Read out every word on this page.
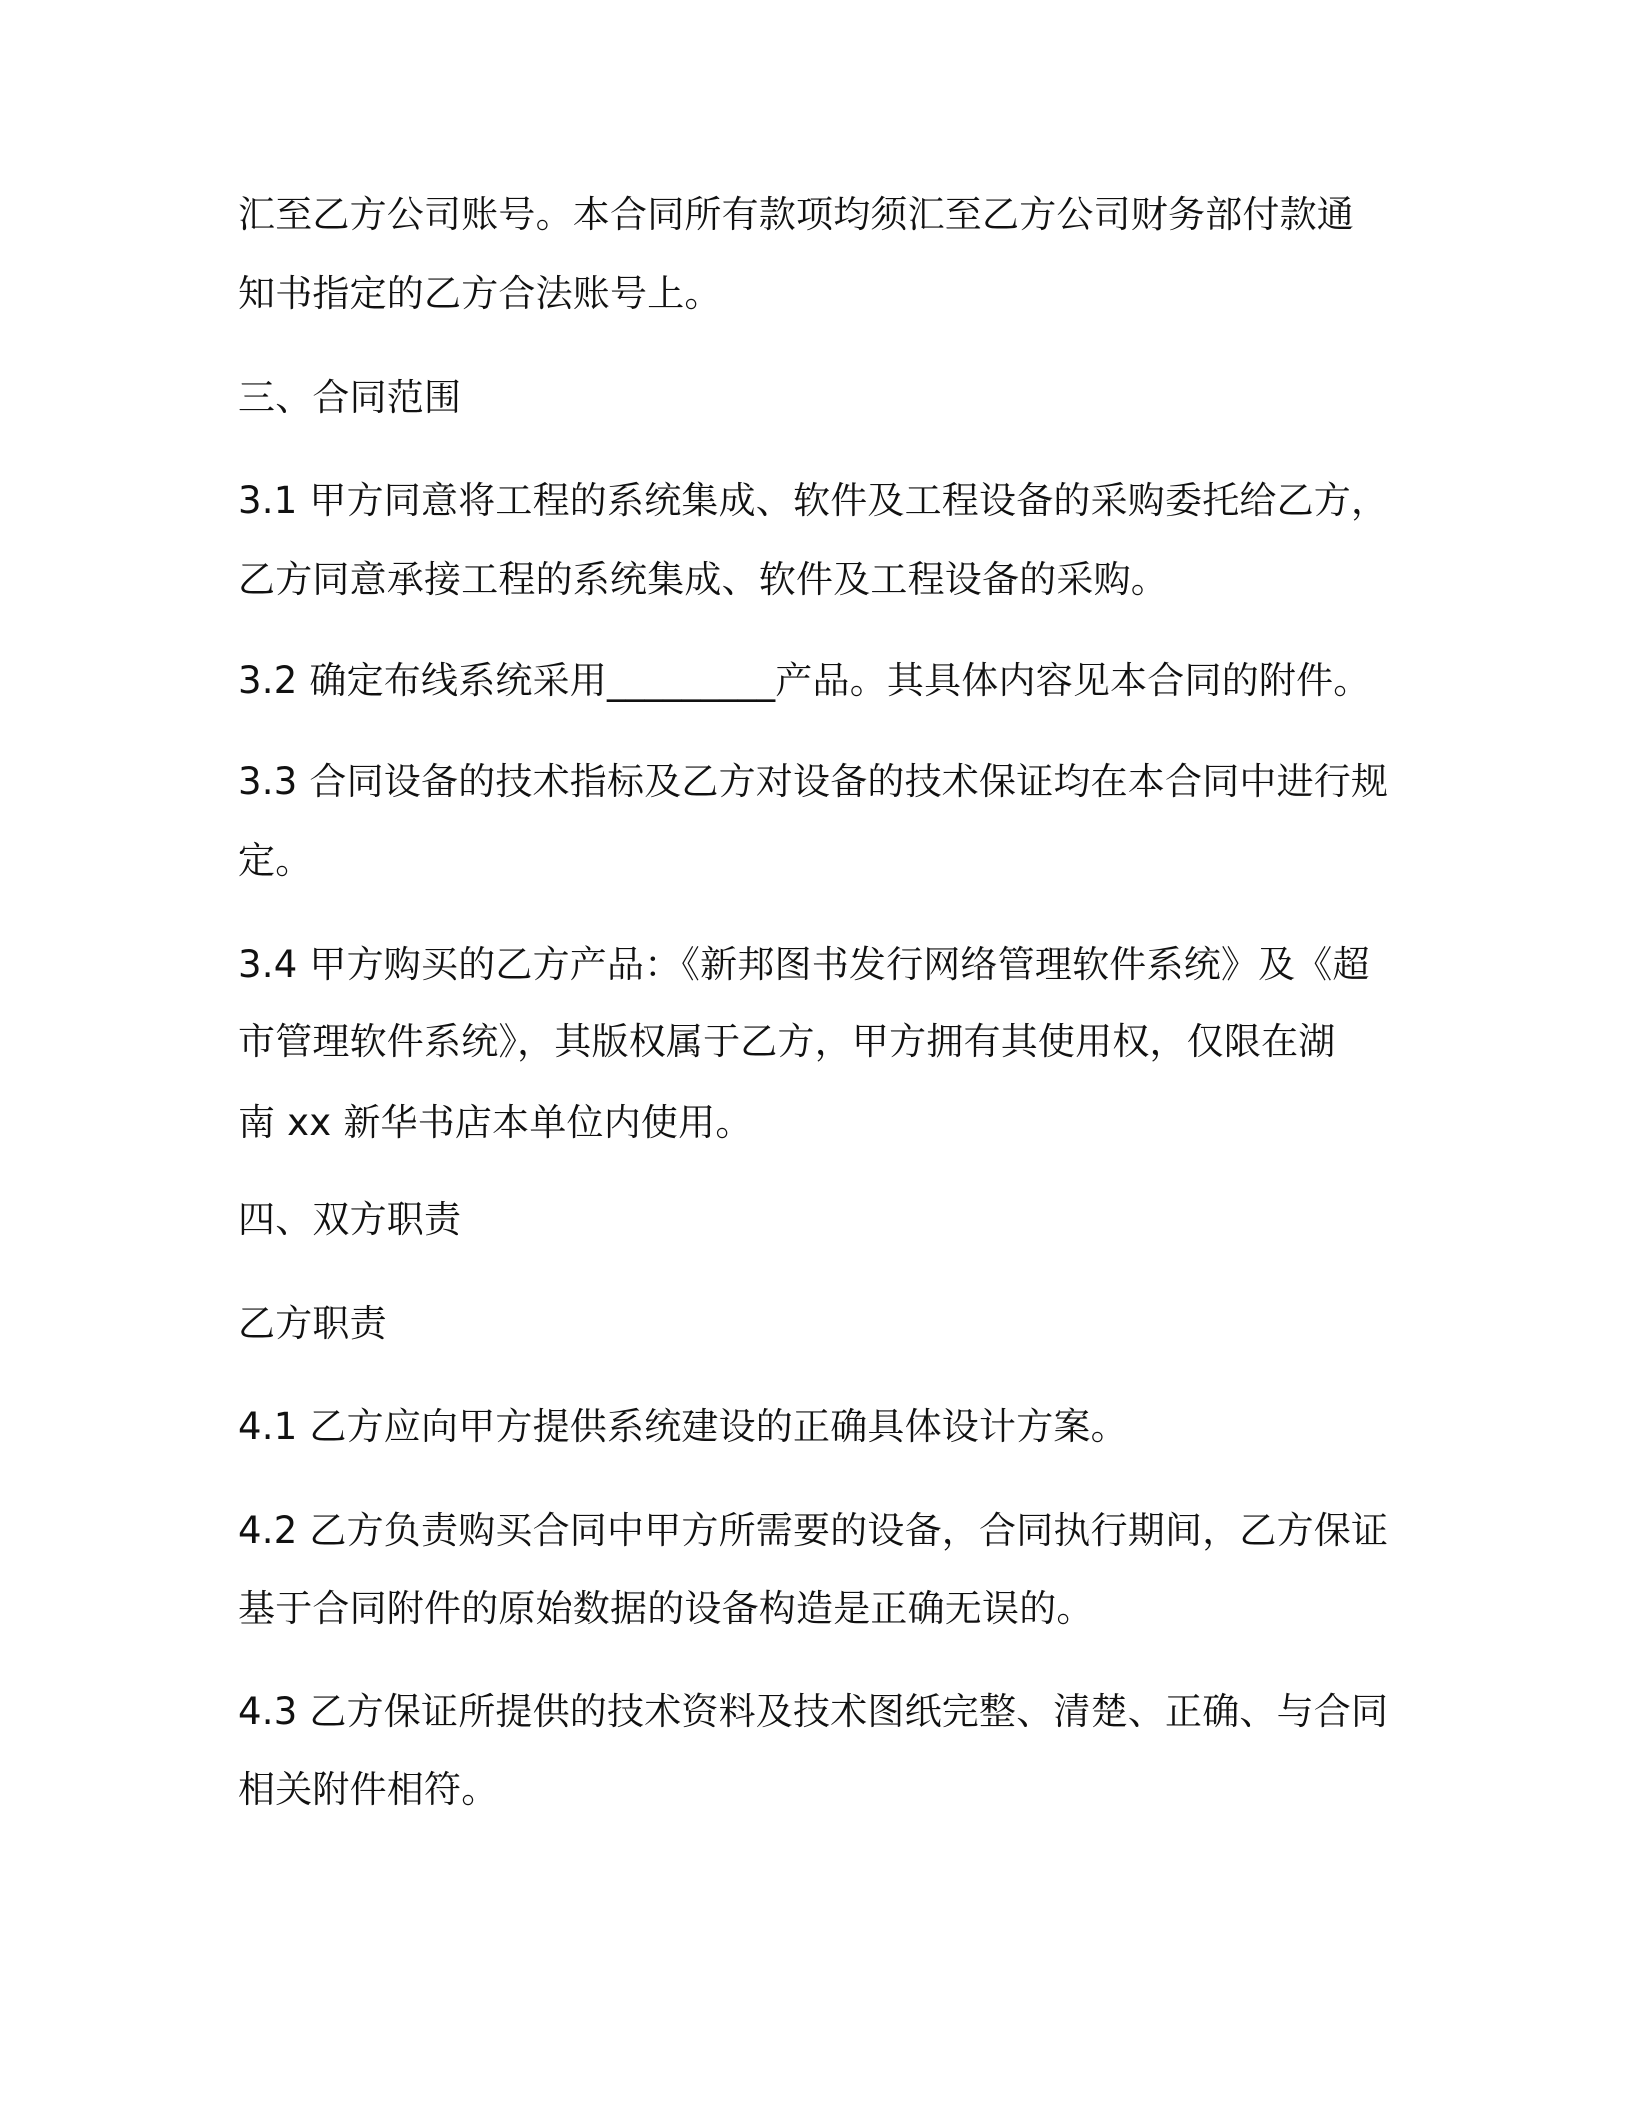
汇至乙方公司账号。本合同所有款项均须汇至乙方公司财务部付款通

知书指定的乙方合法账号上。

三、合同范围

3.1 甲方同意将工程的系统集成、软件及工程设备的采购委托给乙方，

乙方同意承接工程的系统集成、软件及工程设备的采购。

3.2 确定布线系统采用_________产品。其具体内容见本合同的附件。

3.3 合同设备的技术指标及乙方对设备的技术保证均在本合同中进行规

定。

3.4 甲方购买的乙方产品：《新邦图书发行网络管理软件系统》及《超

市管理软件系统》，其版权属于乙方，甲方拥有其使用权，仅限在湖

南 xx 新华书店本单位内使用。

四、双方职责

乙方职责

4.1 乙方应向甲方提供系统建设的正确具体设计方案。

4.2 乙方负责购买合同中甲方所需要的设备，合同执行期间，乙方保证

基于合同附件的原始数据的设备构造是正确无误的。

4.3 乙方保证所提供的技术资料及技术图纸完整、清楚、正确、与合同

相关附件相符。
